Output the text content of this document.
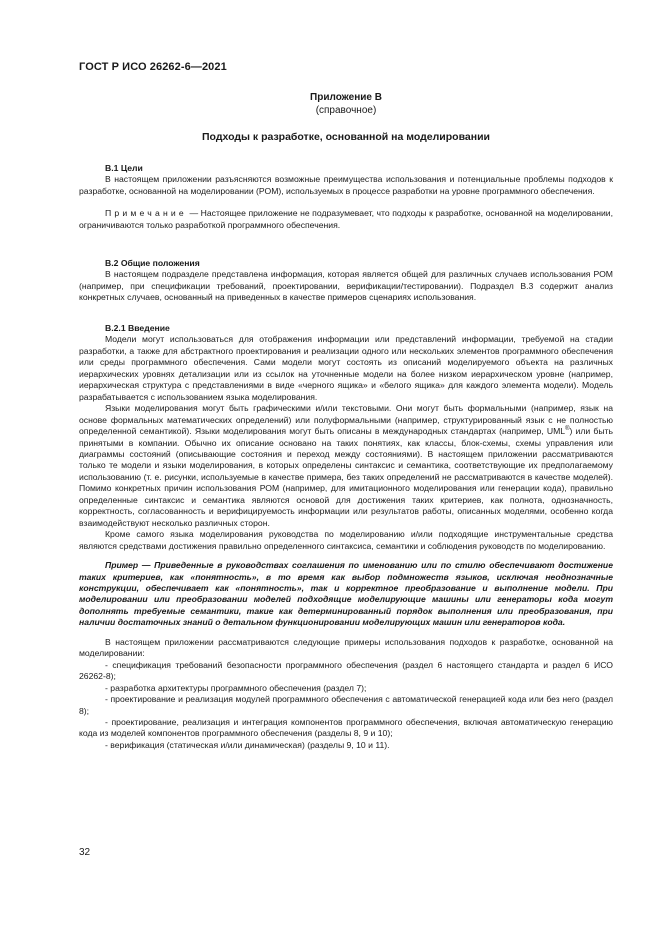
ГОСТ Р ИСО 26262-6—2021
Приложение В
(справочное)
Подходы к разработке, основанной на моделировании

В.1 Цели

В настоящем приложении разъясняются возможные преимущества использования и потенциальные проблемы подходов к разработке, основанной на моделировании (РОМ), используемых в процессе разработки на уровне программного обеспечения.

Примечание — Настоящее приложение не подразумевает, что подходы к разработке, основанной на моделировании, ограничиваются только разработкой программного обеспечения.

В.2 Общие положения

В настоящем подразделе представлена информация, которая является общей для различных случаев использования РОМ (например, при спецификации требований, проектировании, верификации/тестировании). Подраздел В.3 содержит анализ конкретных случаев, основанный на приведенных в качестве примеров сценариях использования.

В.2.1 Введение

Модели могут использоваться для отображения информации или представлений информации, требуемой на стадии разработки, а также для абстрактного проектирования и реализации одного или нескольких элементов программного обеспечения или среды программного обеспечения. Сами модели могут состоять из описаний моделируемого объекта на различных иерархических уровнях детализации или из ссылок на уточненные модели на более низком иерархическом уровне (например, иерархическая структура с представлениями в виде «черного ящика» и «белого ящика» для каждого элемента модели). Модель разрабатывается с использованием языка моделирования.

Языки моделирования могут быть графическими и/или текстовыми. Они могут быть формальными (например, язык на основе формальных математических определений) или полуформальными (например, структурированный язык с не полностью определенной семантикой). Языки моделирования могут быть описаны в международных стандартах (например, UML®) или быть принятыми в компании. Обычно их описание основано на таких понятиях, как классы, блок-схемы, схемы управления или диаграммы состояний (описывающие состояния и переход между состояниями). В настоящем приложении рассматриваются только те модели и языки моделирования, в которых определены синтаксис и семантика, соответствующие их предполагаемому использованию (т. е. рисунки, используемые в качестве примера, без таких определений не рассматриваются в качестве моделей). Помимо конкретных причин использования РОМ (например, для имитационного моделирования или генерации кода), правильно определенные синтаксис и семантика являются основой для достижения таких критериев, как полнота, однозначность, корректность, согласованность и верифицируемость информации или результатов работы, описанных моделями, особенно когда взаимодействуют несколько различных сторон.

Кроме самого языка моделирования руководства по моделированию и/или подходящие инструментальные средства являются средствами достижения правильно определенного синтаксиса, семантики и соблюдения руководств по моделированию.

Пример — Приведенные в руководствах соглашения по именованию или по стилю обеспечивают достижение таких критериев, как «понятность», в то время как выбор подмножеств языков, исключая неоднозначные конструкции, обеспечивает как «понятность», так и корректное преобразование и выполнение модели. При моделировании или преобразовании моделей подходящие моделирующие машины или генераторы кода могут дополнять требуемые семантики, такие как детерминированный порядок выполнения или преобразования, при наличии достаточных знаний о детальном функционировании моделирующих машин или генераторов кода.

В настоящем приложении рассматриваются следующие примеры использования подходов к разработке, основанной на моделировании:

- спецификация требований безопасности программного обеспечения (раздел 6 настоящего стандарта и раздел 6 ИСО 26262-8);

- разработка архитектуры программного обеспечения (раздел 7);

- проектирование и реализация модулей программного обеспечения с автоматической генерацией кода или без него (раздел 8);

- проектирование, реализация и интеграция компонентов программного обеспечения, включая автоматическую генерацию кода из моделей компонентов программного обеспечения (разделы 8, 9 и 10);

- верификация (статическая и/или динамическая) (разделы 9, 10 и 11).

32
